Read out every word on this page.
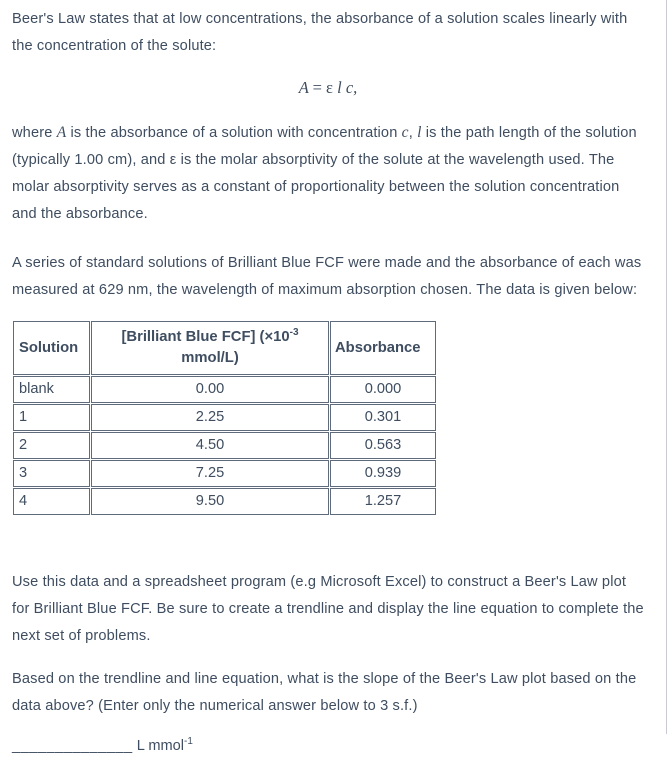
Beer's Law states that at low concentrations, the absorbance of a solution scales linearly with the concentration of the solute:

A = ε l c,

where A is the absorbance of a solution with concentration c, l is the path length of the solution (typically 1.00 cm), and ε is the molar absorptivity of the solute at the wavelength used. The molar absorptivity serves as a constant of proportionality between the solution concentration and the absorbance.

A series of standard solutions of Brilliant Blue FCF were made and the absorbance of each was measured at 629 nm, the wavelength of maximum absorption chosen. The data is given below:

Solution	[Brilliant Blue FCF] ($\times 10^{-3}$ mmol/L)	Absorbance
blank	0.00	0.000
1	2.25	0.301
2	4.50	0.563
3	7.25	0.939
4	9.50	1.257

Use this data and a spreadsheet program (e.g Microsoft Excel) to construct a Beer's Law plot for Brilliant Blue FCF. Be sure to create a trendline and display the line equation to complete the next set of problems.

Based on the trendline and line equation, what is the slope of the Beer's Law plot based on the data above? (Enter only the numerical answer below to 3 s.f.)

______________ L mmol$^{-1}$
